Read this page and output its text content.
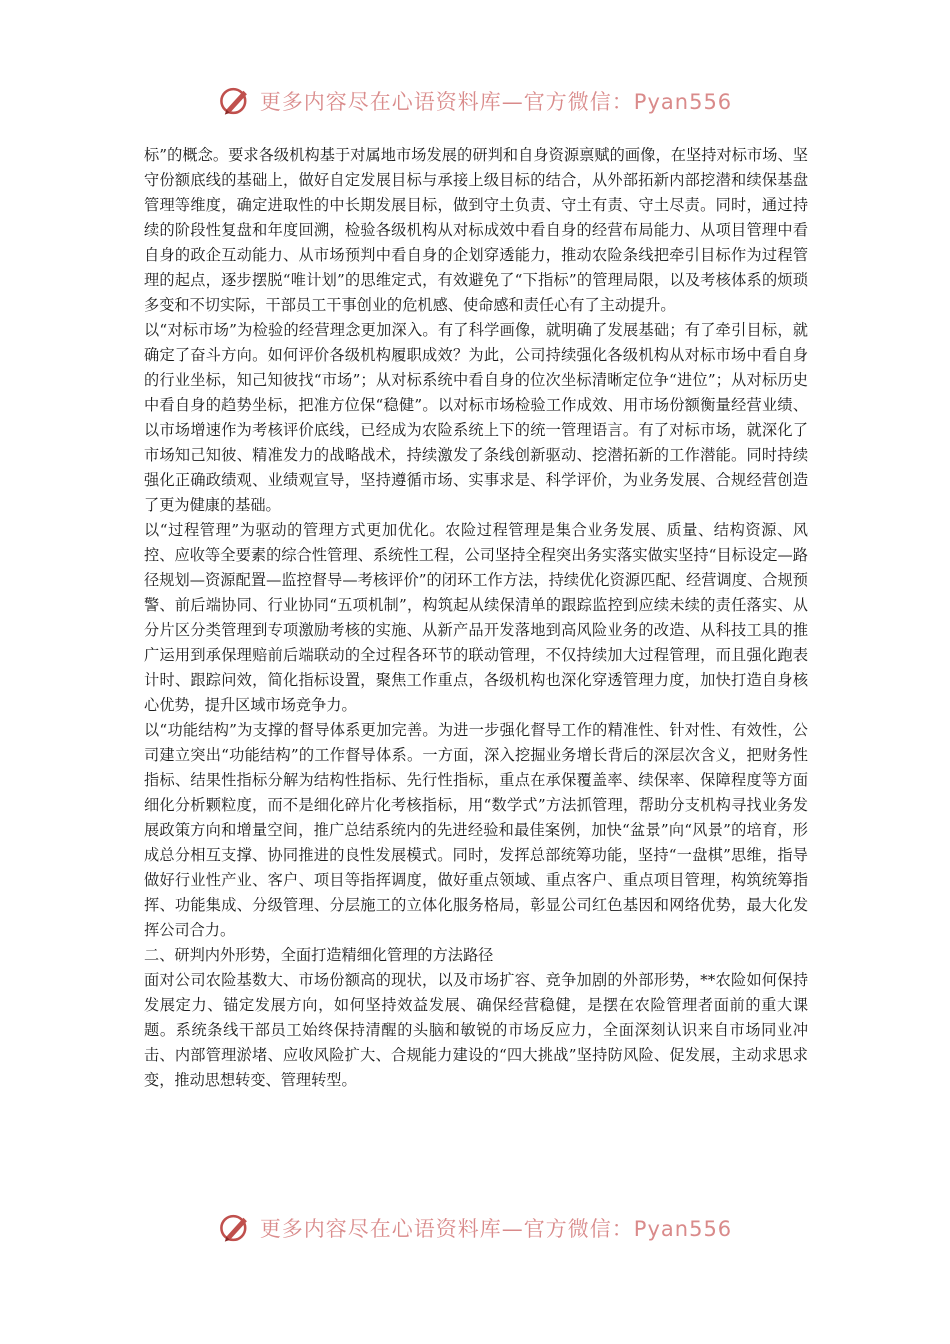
更多内容尽在心语资料库—官方微信：Pyan556

标”的概念。要求各级机构基于对属地市场发展的研判和自身资源禀赋的画像，在坚持对标市场、坚守份额底线的基础上，做好自定发展目标与承接上级目标的结合，从外部拓新内部挖潜和续保基盘管理等维度，确定进取性的中长期发展目标，做到守土负责、守土有责、守土尽责。同时，通过持续的阶段性复盘和年度回溯，检验各级机构从对标成效中看自身的经营布局能力、从项目管理中看自身的政企互动能力、从市场预判中看自身的企划穿透能力，推动农险条线把牵引目标作为过程管理的起点，逐步摆脱“唯计划”的思维定式，有效避免了“下指标”的管理局限，以及考核体系的烦琐多变和不切实际，干部员工干事创业的危机感、使命感和责任心有了主动提升。

以“对标市场”为检验的经营理念更加深入。有了科学画像，就明确了发展基础；有了牵引目标，就确定了奋斗方向。如何评价各级机构履职成效？为此，公司持续强化各级机构从对标市场中看自身的行业坐标，知己知彼找“市场”；从对标系统中看自身的位次坐标清晰定位争“进位”；从对标历史中看自身的趋势坐标，把准方位保“稳健”。以对标市场检验工作成效、用市场份额衡量经营业绩、以市场增速作为考核评价底线，已经成为农险系统上下的统一管理语言。有了对标市场，就深化了市场知己知彼、精准发力的战略战术，持续激发了条线创新驱动、挖潜拓新的工作潜能。同时持续强化正确政绩观、业绩观宣导，坚持遵循市场、实事求是、科学评价，为业务发展、合规经营创造了更为健康的基础。

以“过程管理”为驱动的管理方式更加优化。农险过程管理是集合业务发展、质量、结构资源、风控、应收等全要素的综合性管理、系统性工程，公司坚持全程突出务实落实做实坚持“目标设定—路径规划—资源配置—监控督导—考核评价”的闭环工作方法，持续优化资源匹配、经营调度、合规预警、前后端协同、行业协同“五项机制”，构筑起从续保清单的跟踪监控到应续未续的责任落实、从分片区分类管理到专项激励考核的实施、从新产品开发落地到高风险业务的改造、从科技工具的推广运用到承保理赔前后端联动的全过程各环节的联动管理，不仅持续加大过程管理，而且强化跑表计时、跟踪问效，简化指标设置，聚焦工作重点，各级机构也深化穿透管理力度，加快打造自身核心优势，提升区域市场竞争力。

以“功能结构”为支撑的督导体系更加完善。为进一步强化督导工作的精准性、针对性、有效性，公司建立突出“功能结构”的工作督导体系。一方面，深入挖掘业务增长背后的深层次含义，把财务性指标、结果性指标分解为结构性指标、先行性指标，重点在承保覆盖率、续保率、保障程度等方面细化分析颗粒度，而不是细化碎片化考核指标，用“数学式”方法抓管理，帮助分支机构寻找业务发展政策方向和增量空间，推广总结系统内的先进经验和最佳案例，加快“盆景”向“风景”的培育，形成总分相互支撑、协同推进的良性发展模式。同时，发挥总部统筹功能，坚持“一盘棋”思维，指导做好行业性产业、客户、项目等指挥调度，做好重点领域、重点客户、重点项目管理，构筑统筹指挥、功能集成、分级管理、分层施工的立体化服务格局，彰显公司红色基因和网络优势，最大化发挥公司合力。

二、研判内外形势，全面打造精细化管理的方法路径

面对公司农险基数大、市场份额高的现状，以及市场扩容、竞争加剧的外部形势，**农险如何保持发展定力、锚定发展方向，如何坚持效益发展、确保经营稳健，是摆在农险管理者面前的重大课题。系统条线干部员工始终保持清醒的头脑和敏锐的市场反应力，全面深刻认识来自市场同业冲击、内部管理淤堵、应收风险扩大、合规能力建设的“四大挑战”坚持防风险、促发展，主动求思求变，推动思想转变、管理转型。

更多内容尽在心语资料库—官方微信：Pyan556
